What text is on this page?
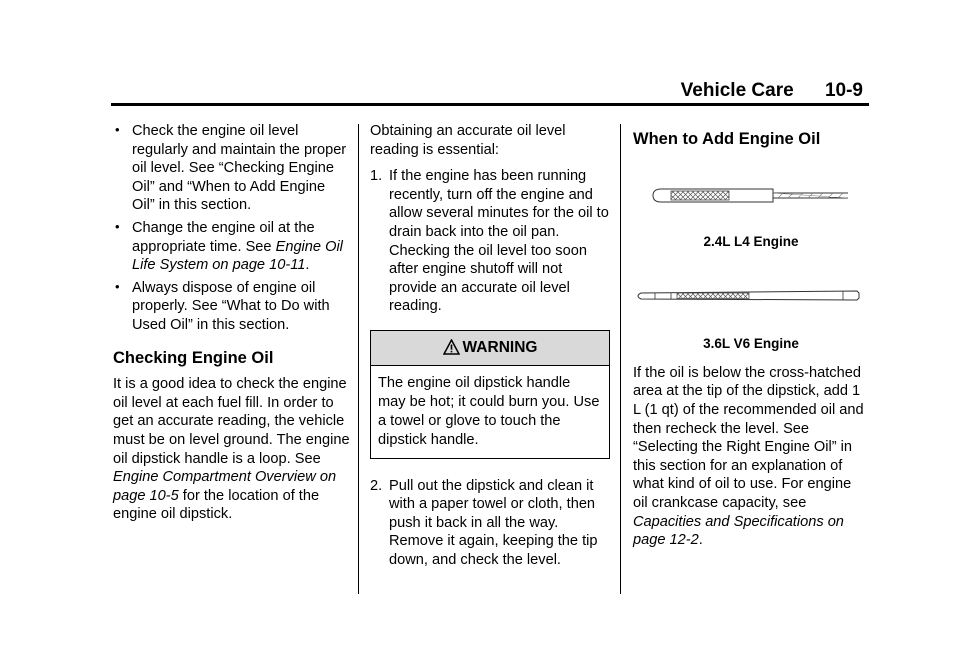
Vehicle Care 10-9
• Check the engine oil level regularly and maintain the proper oil level. See “Checking Engine Oil” and “When to Add Engine Oil” in this section.
• Change the engine oil at the appropriate time. See Engine Oil Life System on page 10-11.
• Always dispose of engine oil properly. See “What to Do with Used Oil” in this section.
Checking Engine Oil
It is a good idea to check the engine oil level at each fuel fill. In order to get an accurate reading, the vehicle must be on level ground. The engine oil dipstick handle is a loop. See Engine Compartment Overview on page 10-5 for the location of the engine oil dipstick.
Obtaining an accurate oil level reading is essential:
1. If the engine has been running recently, turn off the engine and allow several minutes for the oil to drain back into the oil pan. Checking the oil level too soon after engine shutoff will not provide an accurate oil level reading.
WARNING
The engine oil dipstick handle may be hot; it could burn you. Use a towel or glove to touch the dipstick handle.
2. Pull out the dipstick and clean it with a paper towel or cloth, then push it back in all the way. Remove it again, keeping the tip down, and check the level.
When to Add Engine Oil
2.4L L4 Engine
3.6L V6 Engine
If the oil is below the cross-hatched area at the tip of the dipstick, add 1 L (1 qt) of the recommended oil and then recheck the level. See “Selecting the Right Engine Oil” in this section for an explanation of what kind of oil to use. For engine oil crankcase capacity, see Capacities and Specifications on page 12-2.
